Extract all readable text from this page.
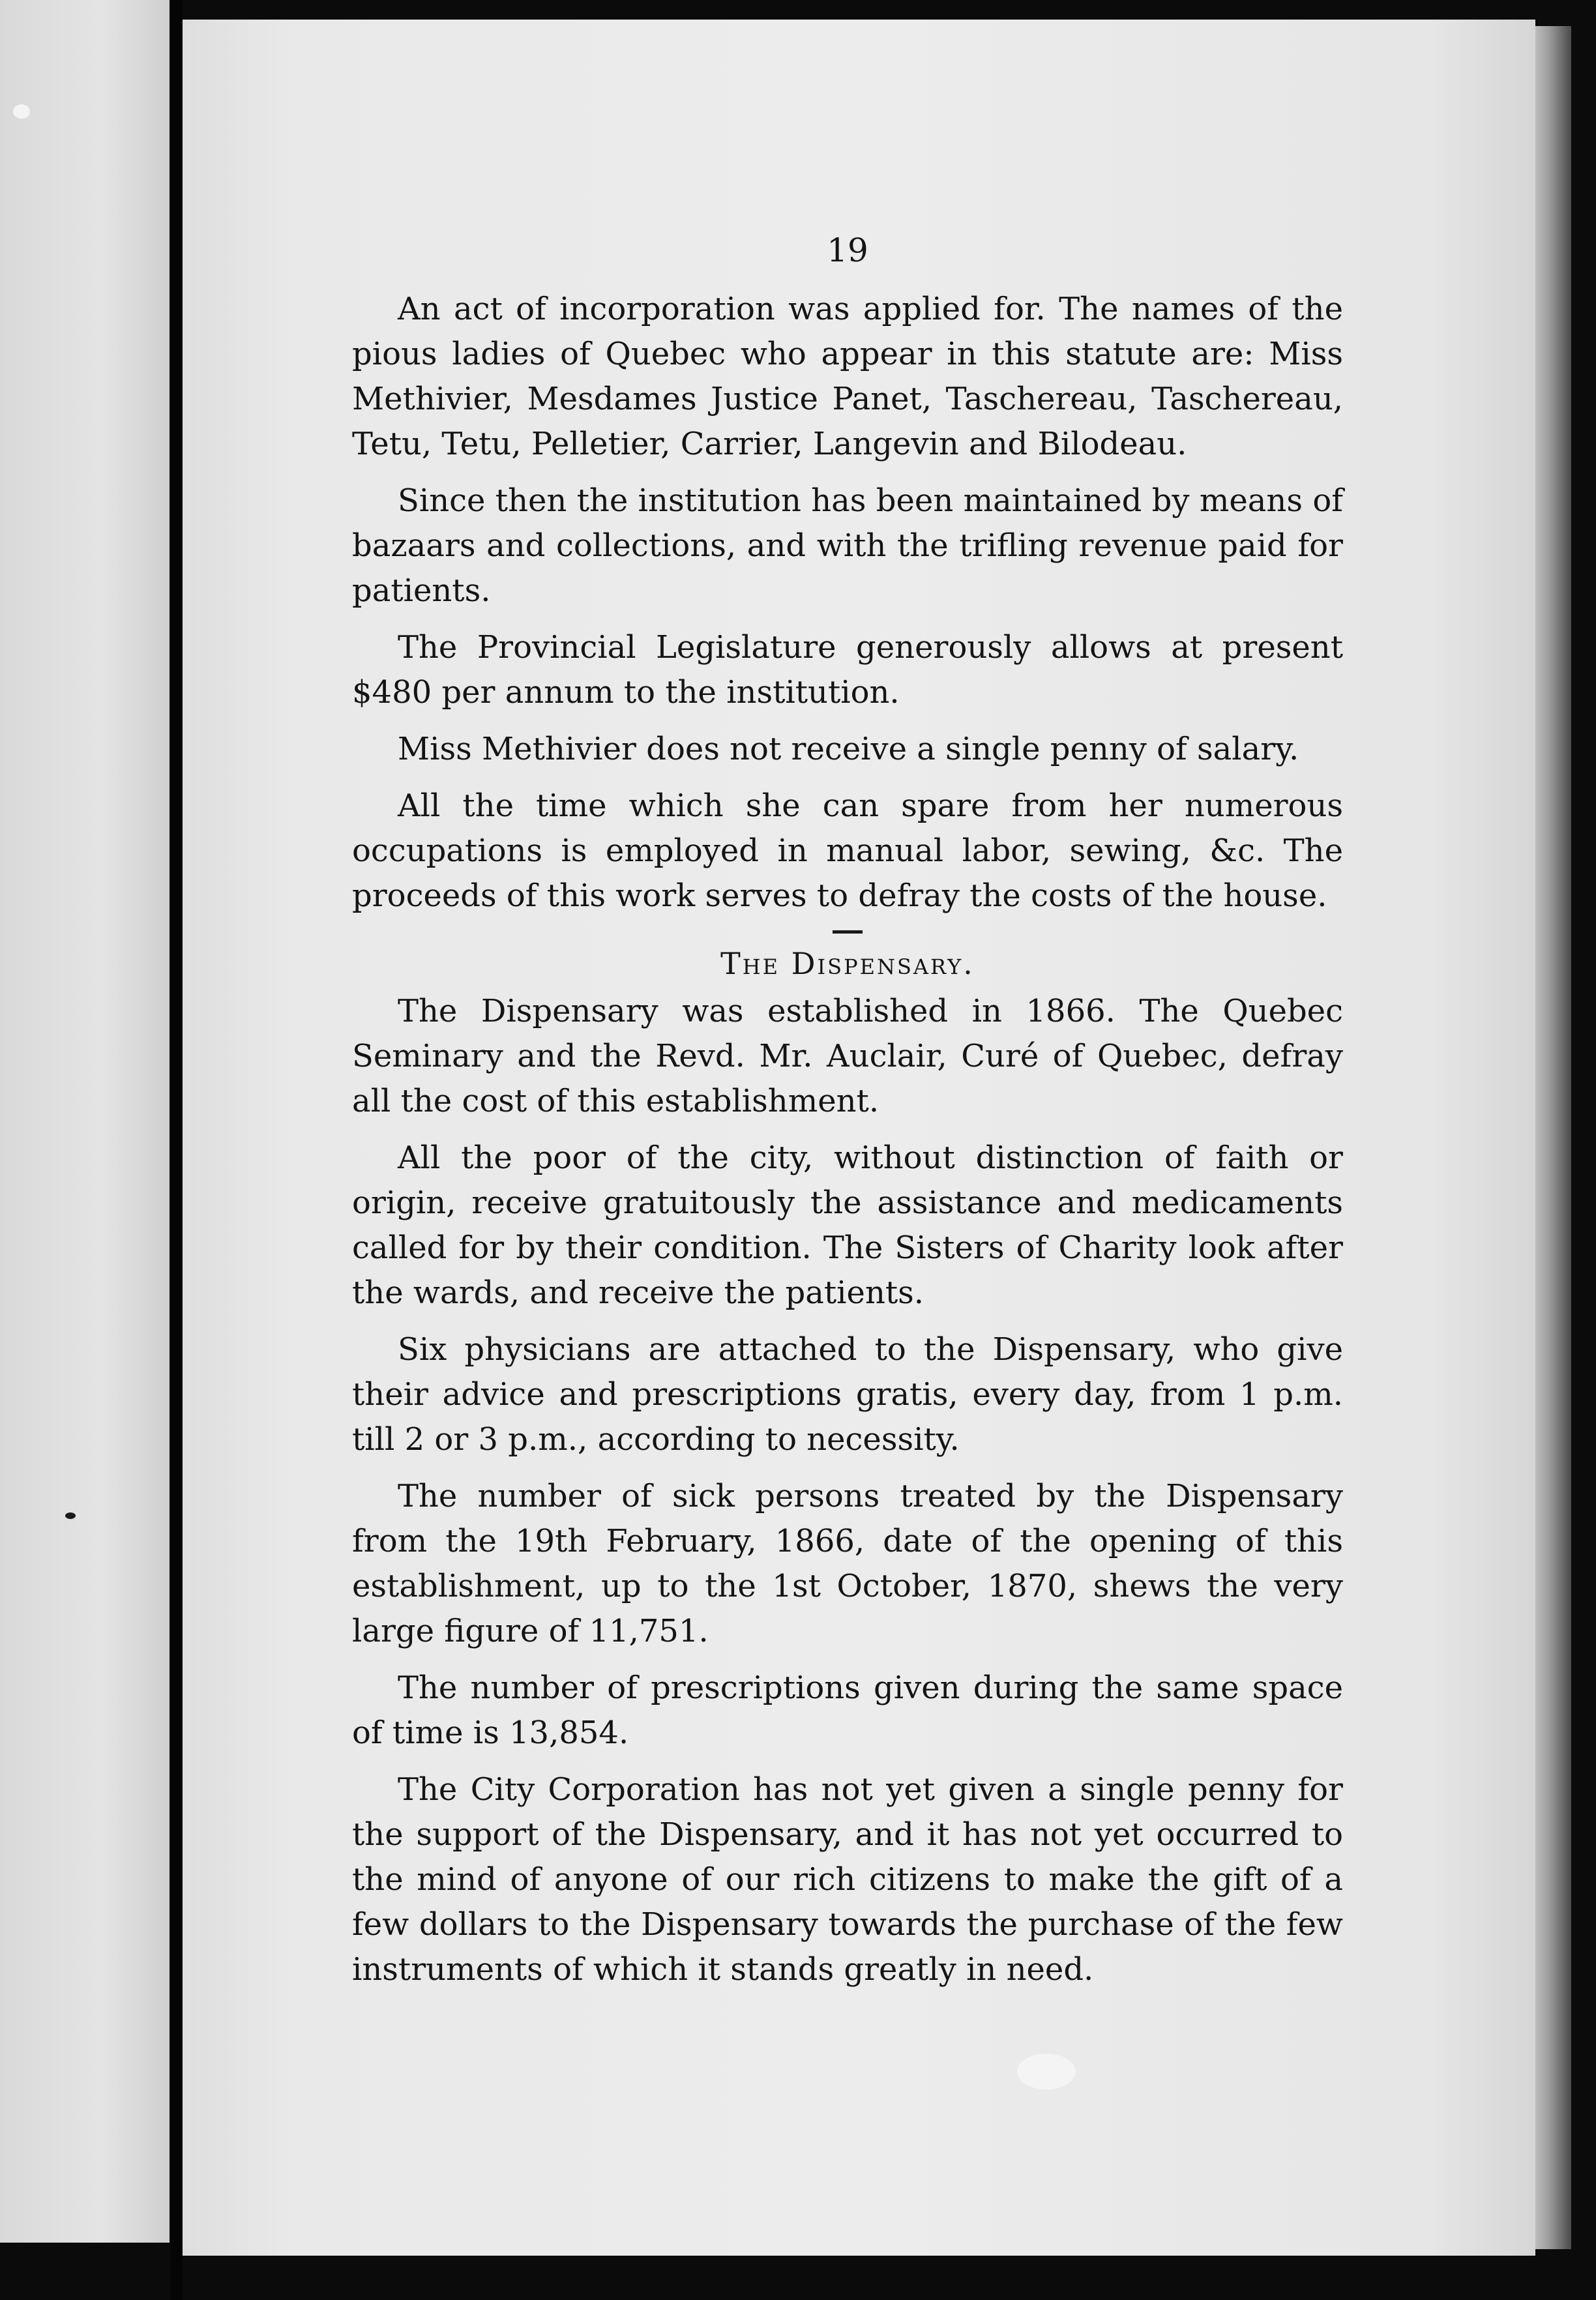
19

An act of incorporation was applied for. The names of the pious ladies of Quebec who appear in this statute are: Miss Methivier, Mesdames Justice Panet, Taschereau, Taschereau, Tetu, Tetu, Pelletier, Carrier, Langevin and Bilodeau.

Since then the institution has been maintained by means of bazaars and collections, and with the trifling revenue paid for patients.

The Provincial Legislature generously allows at present $480 per annum to the institution.

Miss Methivier does not receive a single penny of salary.

All the time which she can spare from her numerous occupations is employed in manual labor, sewing, &c. The proceeds of this work serves to defray the costs of the house.

The Dispensary.

The Dispensary was established in 1866. The Quebec Seminary and the Revd. Mr. Auclair, Curé of Quebec, defray all the cost of this establishment.

All the poor of the city, without distinction of faith or origin, receive gratuitously the assistance and medicaments called for by their condition. The Sisters of Charity look after the wards, and receive the patients.

Six physicians are attached to the Dispensary, who give their advice and prescriptions gratis, every day, from 1 p.m. till 2 or 3 p.m., according to necessity.

The number of sick persons treated by the Dispensary from the 19th February, 1866, date of the opening of this establishment, up to the 1st October, 1870, shews the very large figure of 11,751.

The number of prescriptions given during the same space of time is 13,854.

The City Corporation has not yet given a single penny for the support of the Dispensary, and it has not yet occurred to the mind of anyone of our rich citizens to make the gift of a few dollars to the Dispensary towards the purchase of the few instruments of which it stands greatly in need.
